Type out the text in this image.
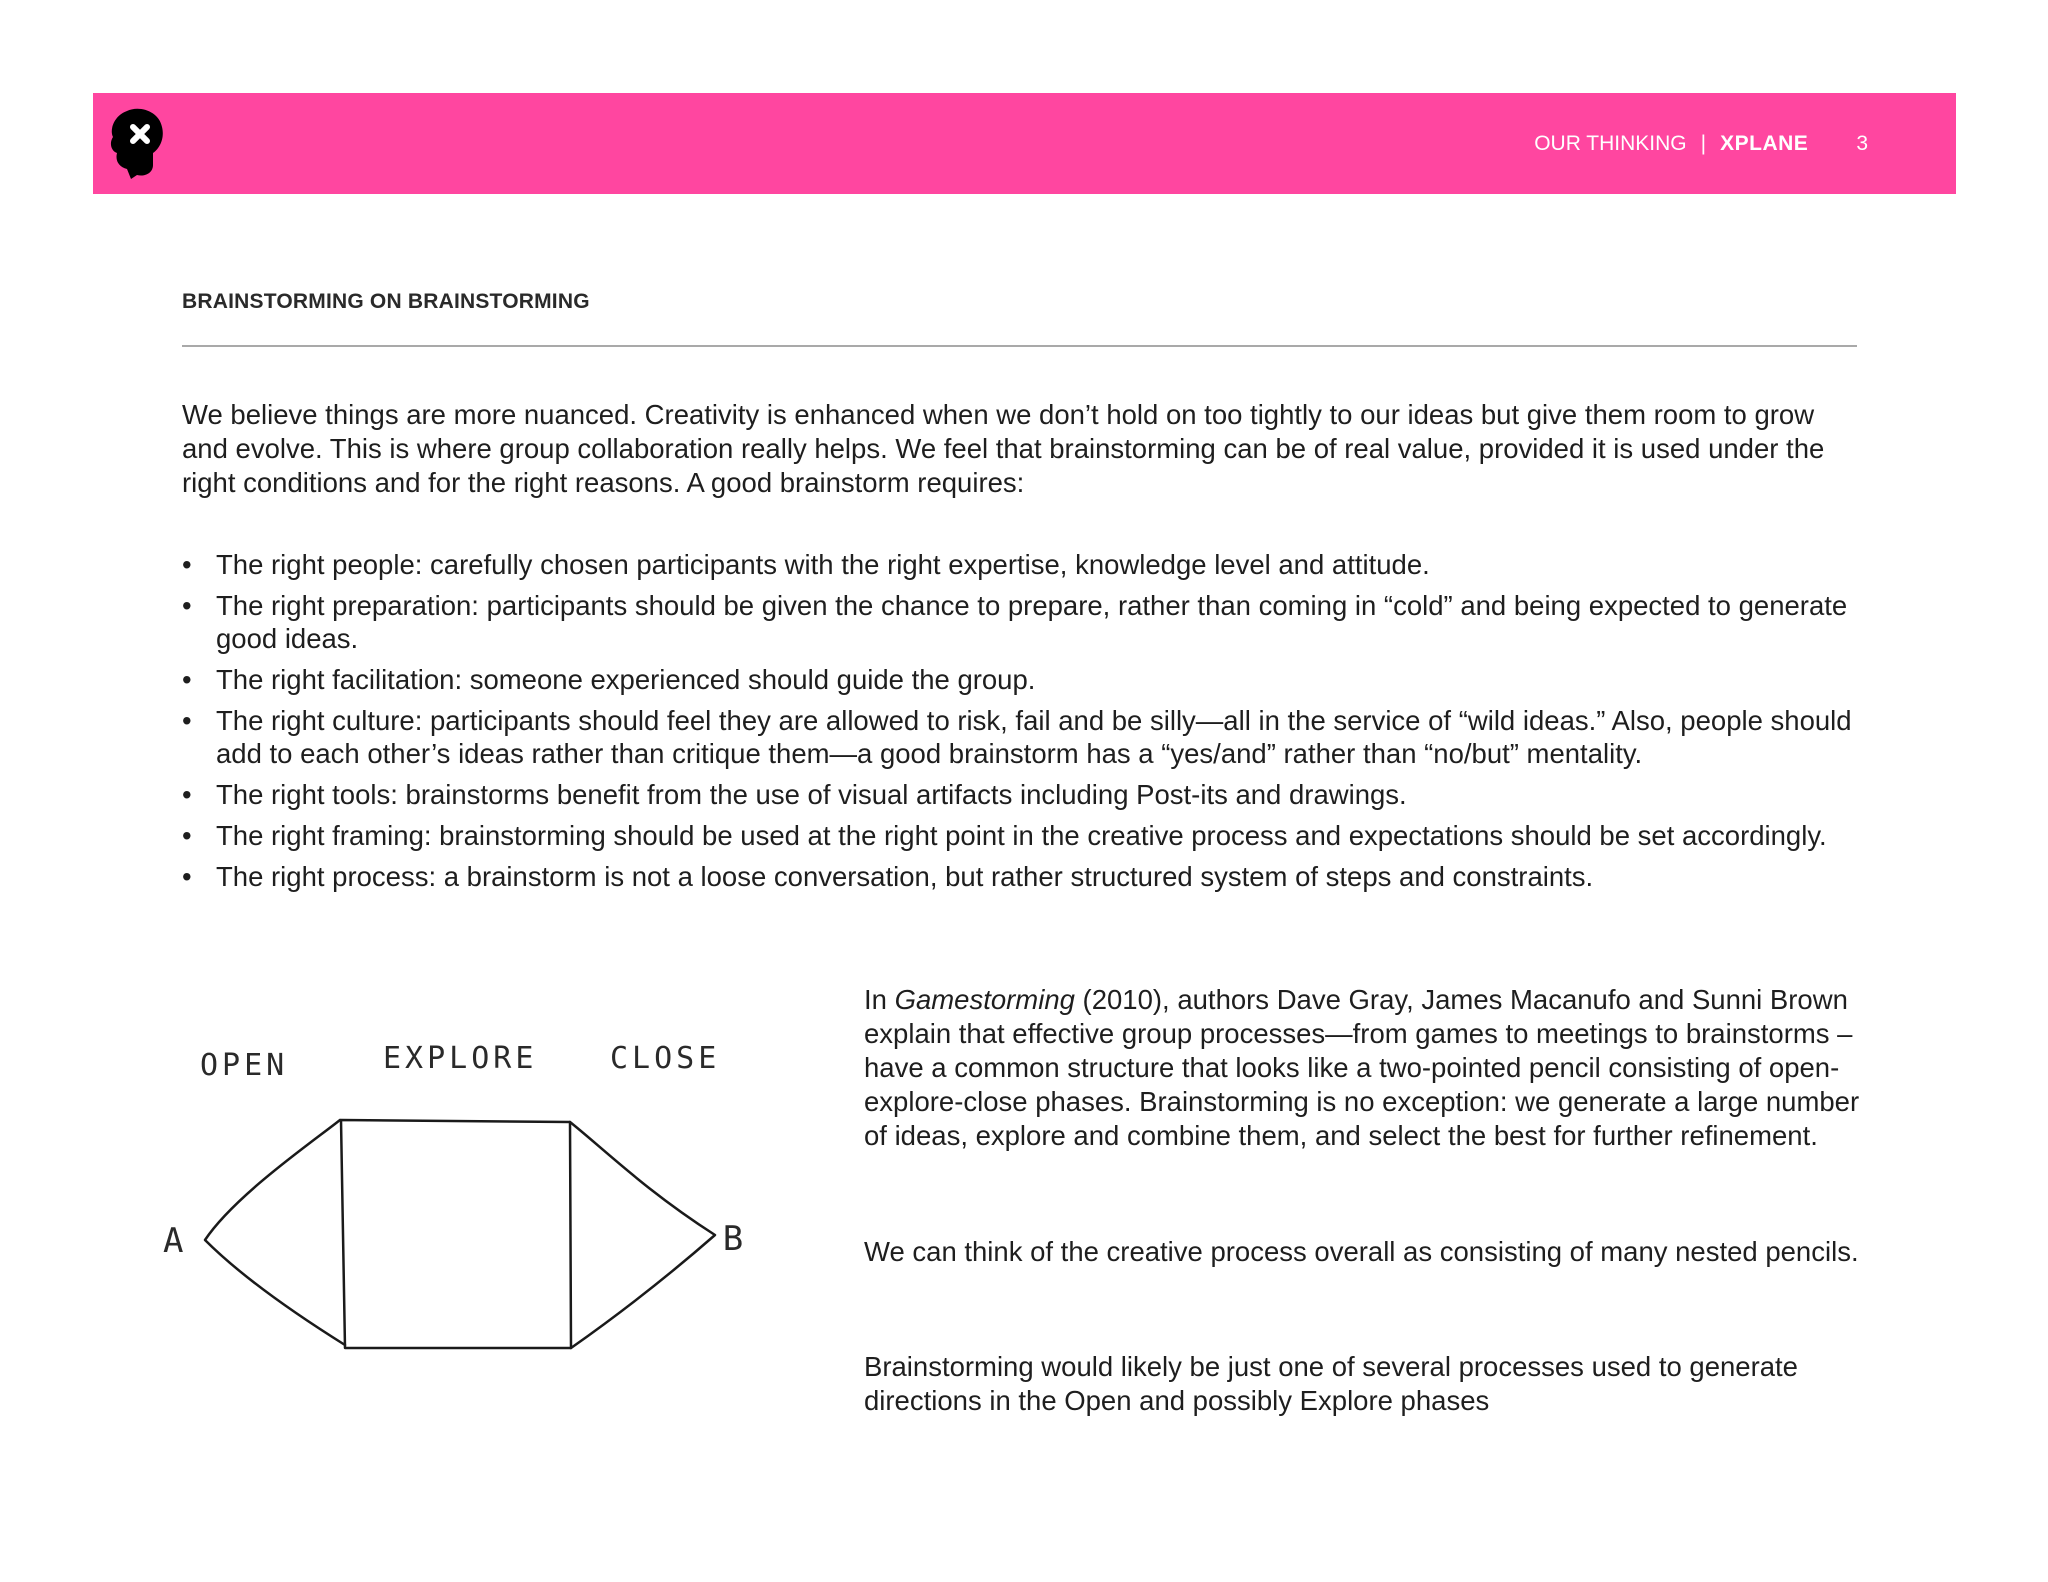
OUR THINKING | XPLANE 3
BRAINSTORMING ON BRAINSTORMING

We believe things are more nuanced. Creativity is enhanced when we don’t hold on too tightly to our ideas but give them room to grow and evolve. This is where group collaboration really helps. We feel that brainstorming can be of real value, provided it is used under the right conditions and for the right reasons. A good brainstorm requires:

• The right people: carefully chosen participants with the right expertise, knowledge level and attitude.
• The right preparation: participants should be given the chance to prepare, rather than coming in “cold” and being expected to generate good ideas.
• The right facilitation: someone experienced should guide the group.
• The right culture: participants should feel they are allowed to risk, fail and be silly—all in the service of “wild ideas.” Also, people should add to each other’s ideas rather than critique them—a good brainstorm has a “yes/and” rather than “no/but” mentality.
• The right tools: brainstorms benefit from the use of visual artifacts including Post-its and drawings.
• The right framing: brainstorming should be used at the right point in the creative process and expectations should be set accordingly.
• The right process: a brainstorm is not a loose conversation, but rather structured system of steps and constraints.
OPEN	EXPLORE CLOSE
A	B

In Gamestorming (2010), authors Dave Gray, James Macanufo and Sunni Brown explain that effective group processes—from games to meetings to brainstorms – have a common structure that looks like a two-pointed pencil consisting of open-explore-close phases. Brainstorming is no exception: we generate a large number of ideas, explore and combine them, and select the best for further refinement.

We can think of the creative process overall as consisting of many nested pencils.

Brainstorming would likely be just one of several processes used to generate directions in the Open and possibly Explore phases
